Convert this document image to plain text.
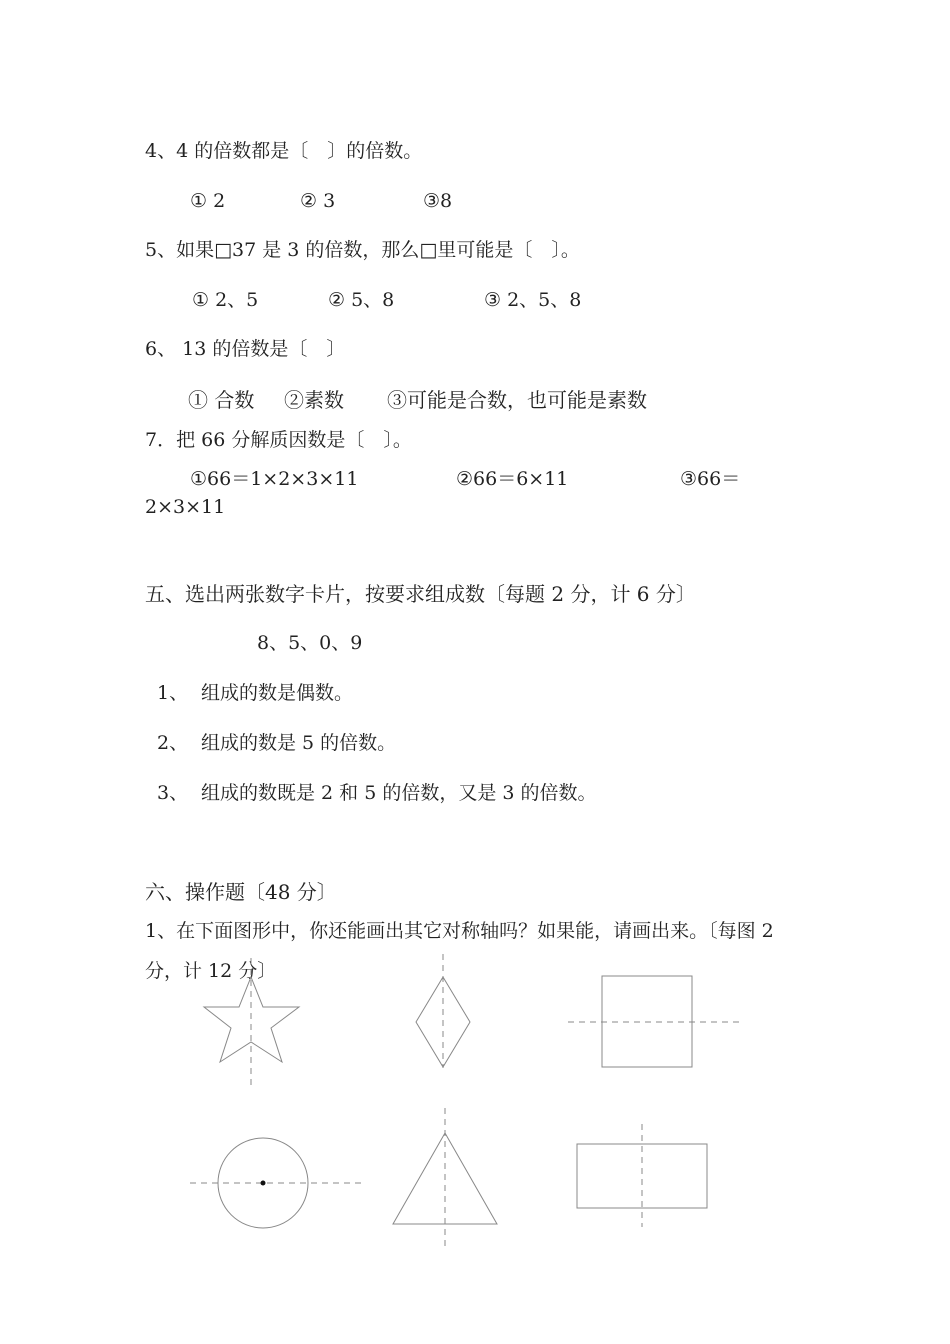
4、4 的倍数都是〔　〕的倍数。
① 2	② 3	③8
5、如果□37 是 3 的倍数，那么□里可能是〔　〕。
① 2、5	② 5、8	③ 2、5、8
6、 13 的倍数是〔　〕
① 合数 ②素数 ③可能是合数，也可能是素数
7．把 66 分解质因数是〔　〕。
①66＝1×2×3×11	②66＝6×11	③66＝
2×3×11
五、选出两张数字卡片，按要求组成数〔每题 2 分，计 6 分〕
8、5、0、9
1、 组成的数是偶数。
2、 组成的数是 5 的倍数。
3、 组成的数既是 2 和 5 的倍数，又是 3 的倍数。
六、操作题〔48 分〕
1、在下面图形中，你还能画出其它对称轴吗？如果能，请画出来。〔每图 2
分，计 12 分〕
